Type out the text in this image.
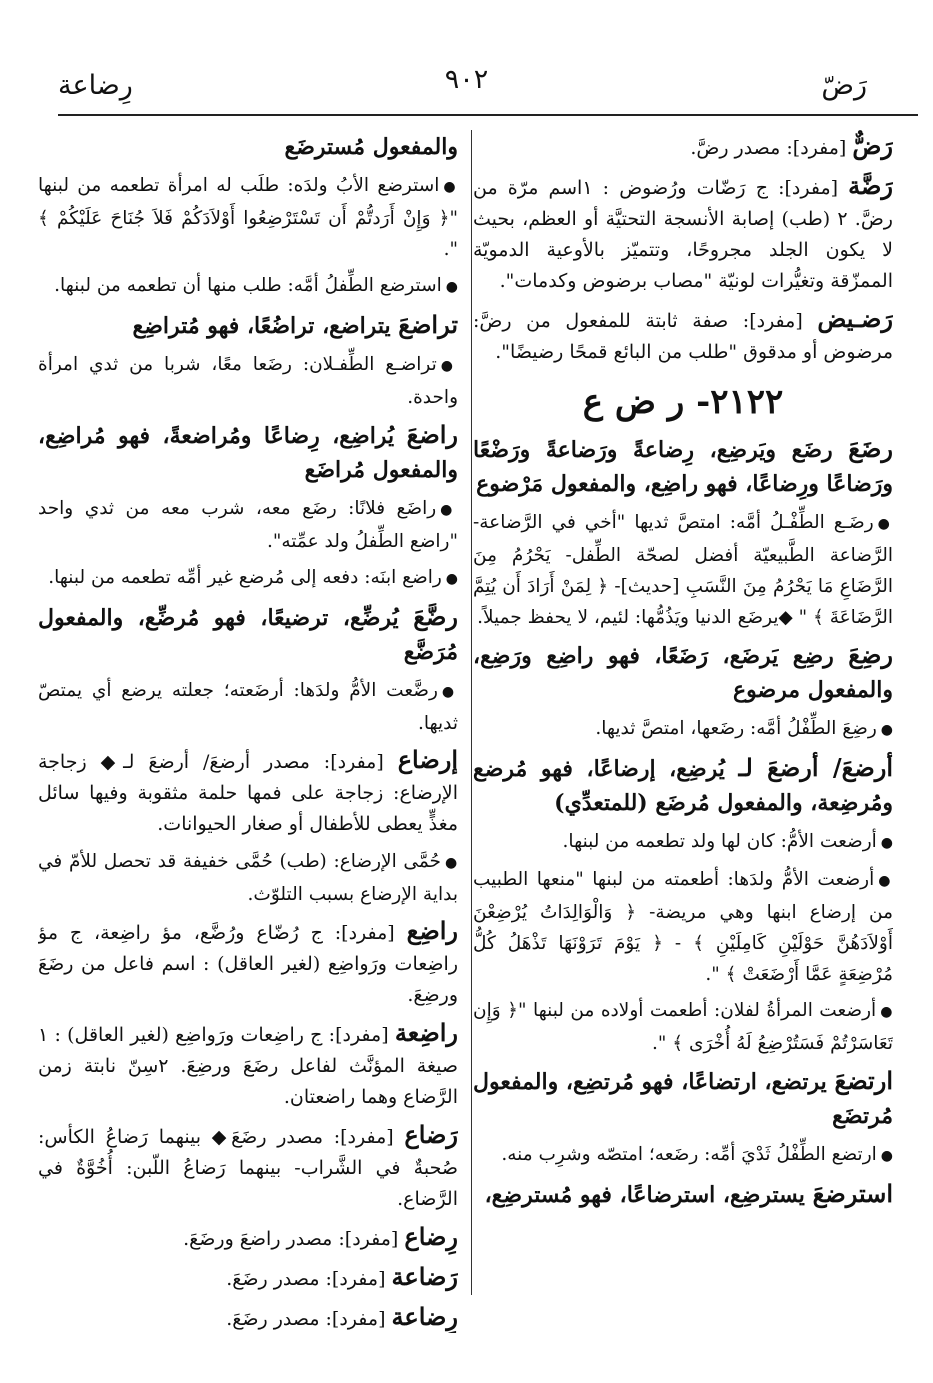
رَضّ
٩٠٢
رِضاعة

رَضٌّ [مفرد]: مصدر رضَّ.

رَضَّة [مفرد]: ج رَضّات ورُضوض : ١اسم مرّة من رضَّ. ٢ (طب) إصابة الأنسجة التحتيَّة أو العظم، بحيث لا يكون الجلد مجروحًا، وتتميّز بالأوعية الدمويّة الممزّقة وتغيُّرات لونيّة "مصاب برضوض وكدمات".

رَضـيض [مفرد]: صفة ثابتة للمفعول من رضَّ: مرضوض أو مدقوق "طلب من البائع قمحًا رضيضًا".

٢١٢٢- ر ض ع

رضَعَ رضَع ويَرضِع، رِضاعةً ورَضاعةً ورَضْعًا ورَضاعًا ورِضاعًا، فهو راضِع، والمفعول مَرْضوع

●رضَـع الطِّفْـلُ أمَّه: امتصَّ ثديها "أخي في الرَّضاعة- الرَّضاعة الطَّبيعيّة أفضل لصحّة الطِّفل- يَحْرُمُ مِنَ الرَّضَاعِ مَا يَحْرُمُ مِنَ النَّسَبِ [حديث]- ﴿ لِمَنْ أَرَادَ أَن يُتِمَّ الرَّضَاعَةَ ﴾ " ◆يرضَع الدنيا ويَذُمُّها: لئيم، لا يحفظ جميلاً.

رضِعَ رضِع يَرضَع، رَضَعًا، فهو راضِع ورَضِع، والمفعول مرضوع

●رضِعَ الطِّفْلُ أمَّه: رضَعها، امتصَّ ثديها.

أرضعَ/ أرضعَ لـ يُرضِع، إرضاعًا، فهو مُرضع ومُرضِعة، والمفعول مُرضَع (للمتعدِّي)

●أرضعت الأمُّ: كان لها ولد تطعمه من لبنها.

●أرضعت الأمُّ ولدَها: أطعمته من لبنها "منعها الطبيب من إرضاع ابنها وهي مريضة- ﴿ وَالْوَالِدَاتُ يُرْضِعْنَ أَوْلاَدَهُنَّ حَوْلَيْنِ كَامِلَيْنِ ﴾ - ﴿ يَوْمَ تَرَوْنَهَا تَذْهَلُ كُلُّ مُرْضِعَةٍ عَمَّا أَرْضَعَتْ ﴾ ".

●أرضعت المرأةُ لفلان: أطعمت أولاده من لبنها "﴿ وَإِن تَعَاسَرْتُمْ فَسَتُرْضِعُ لَهُ أُخْرَى ﴾ ".

ارتضعَ يرتضع، ارتضاعًا، فهو مُرتضِع، والمفعول مُرتضَع

●ارتضع الطِّفْلُ ثَدْيَ أمِّه: رضَعه؛ امتصّه وشرِب منه.

استرضعَ يسترضِع، استرضاعًا، فهو مُسترضِع،

والمفعول مُسترضَع

●استرضع الأبُ ولدَه: طلَب له امرأة تطعمه من لبنها "﴿ وَإِنْ أَرَدتُّمْ أَن تَسْتَرْضِعُوا أَوْلاَدَكُمْ فَلاَ جُنَاحَ عَلَيْكُمْ ﴾ ".

●استرضع الطِّفلُ أمَّه: طلب منها أن تطعمه من لبنها.

تراضعَ يتراضع، تراضُعًا، فهو مُتراضِع

●تراضـع الطِّفـلان: رضَعا معًا، شربا من ثدي امرأة واحدة.

راضعَ يُراضِع، رِضاعًا ومُراضعةً، فهو مُراضِع، والمفعول مُراضَع

●راضَع فلانًا: رضَع معه، شرب معه من ثدي واحد "راضع الطِّفلُ ولد عمِّته".

●راضع ابنَه: دفعه إلى مُرضع غير أمِّه تطعمه من لبنها.

رضَّعَ يُرضِّع، ترضيعًا، فهو مُرضِّع، والمفعول مُرَضَّع

●رضَّعت الأمُّ ولدَها: أرضَعته؛ جعلته يرضع أي يمتصّ ثديها.

إرضاع [مفرد]: مصدر أرضعَ/ أرضعَ لـ◆ زجاجة الإرضاع: زجاجة على فمها حلمة مثقوبة وفيها سائل مغذٍّ يعطى للأطفال أو صغار الحيوانات.

●حُمَّى الإرضاع: (طب) حُمَّى خفيفة قد تحصل للأمّ في بداية الإرضاع بسبب التلوّث.

راضِع [مفرد]: ج رُضّاع ورُضَّع، مؤ راضِعة، ج مؤ راضِعات ورَواضِع (لغير العاقل) : اسم فاعل من رضَعَ ورضِعَ.

راضِعة [مفرد]: ج راضِعات ورَواضِع (لغير العاقل) : ١ صيغة المؤنَّث لفاعل رضَعَ ورضِعَ. ٢سِنّ نابتة زمن الرَّضاع وهما راضعتان.

رَضاع [مفرد]: مصدر رضَعَ◆ بينهما رَضاعُ الكأس: صُحبةٌ في الشَّراب- بينهما رَضاعُ اللّبن: أُخُوَّةٌ في الرَّضاع.

رِضاع [مفرد]: مصدر راضعَ ورضَعَ.

رَضاعة [مفرد]: مصدر رضَعَ.

رِضاعة [مفرد]: مصدر رضَعَ.
